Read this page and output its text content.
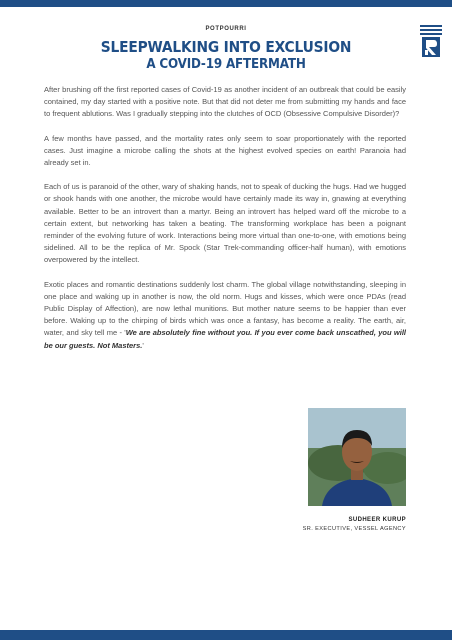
POTPOURRI
SLEEPWALKING INTO EXCLUSION
A COVID-19 AFTERMATH

After brushing off the first reported cases of Covid-19 as another incident of an outbreak that could be easily contained, my day started with a positive note. But that did not deter me from submitting my hands and face to frequent ablutions. Was I gradually stepping into the clutches of OCD (Obsessive Compulsive Disorder)?

A few months have passed, and the mortality rates only seem to soar proportionately with the reported cases. Just imagine a microbe calling the shots at the highest evolved species on earth! Paranoia had already set in.

Each of us is paranoid of the other, wary of shaking hands, not to speak of ducking the hugs. Had we hugged or shook hands with one another, the microbe would have certainly made its way in, gnawing at everything available. Better to be an introvert than a martyr. Being an introvert has helped ward off the microbe to a certain extent, but networking has taken a beating. The transforming workplace has been a poignant reminder of the evolving future of work. Interactions being more virtual than one-to-one, with emotions being sidelined. All to be the replica of Mr. Spock (Star Trek-commanding officer-half human), with emotions overpowered by the intellect.

Exotic places and romantic destinations suddenly lost charm. The global village notwithstanding, sleeping in one place and waking up in another is now, the old norm. Hugs and kisses, which were once PDAs (read Public Display of Affection), are now lethal munitions. But mother nature seems to be happier than ever before. Waking up to the chirping of birds which was once a fantasy, has become a reality. The earth, air, water, and sky tell me - 'We are absolutely fine without you. If you ever come back unscathed, you will be our guests. Not Masters.'

SUDHEER KURUP
SR. EXECUTIVE, VESSEL AGENCY
